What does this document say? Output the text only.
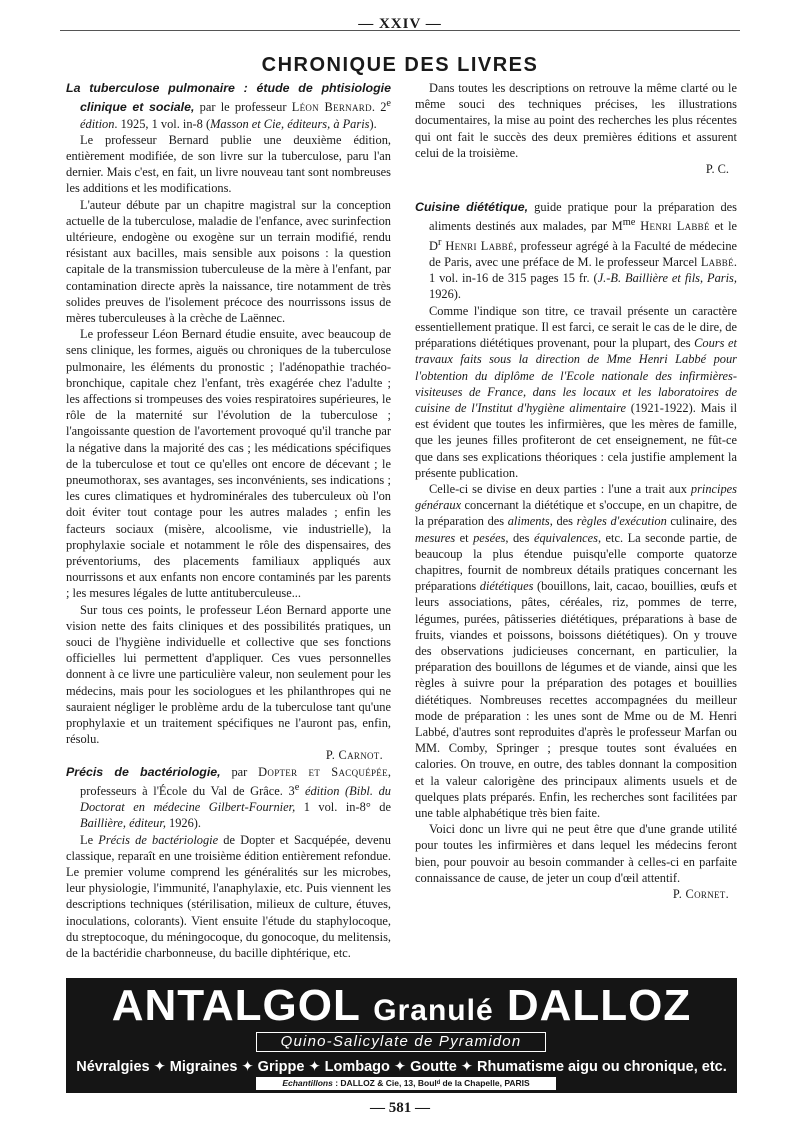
— XXIV —
CHRONIQUE DES LIVRES

La tuberculose pulmonaire : étude de phtisiologie clinique et sociale, par le professeur Léon Bernard. 2e édition. 1925, 1 vol. in-8 (Masson et Cie, éditeurs, à Paris).

Le professeur Bernard publie une deuxième édition, entièrement modifiée, de son livre sur la tuberculose, paru l'an dernier. Mais c'est, en fait, un livre nouveau tant sont nombreuses les additions et les modifications.

L'auteur débute par un chapitre magistral sur la conception actuelle de la tuberculose, maladie de l'enfance, avec surinfection ultérieure, endogène ou exogène sur un terrain modifié, rendu résistant aux bacilles, mais sensible aux poisons : la question capitale de la transmission tuberculeuse de la mère à l'enfant, par contamination directe après la naissance, tire notamment de très solides preuves de l'isolement précoce des nourrissons issus de mères tuberculeuses à la crèche de Laënnec.

Le professeur Léon Bernard étudie ensuite, avec beaucoup de sens clinique, les formes, aiguës ou chroniques de la tuberculose pulmonaire, les éléments du pronostic ; l'adénopathie trachéo-bronchique, capitale chez l'enfant, très exagérée chez l'adulte ; les affections si trompeuses des voies respiratoires supérieures, le rôle de la maternité sur l'évolution de la tuberculose ; l'angoissante question de l'avortement provoqué qu'il tranche par la négative dans la majorité des cas ; les médications spécifiques de la tuberculose et tout ce qu'elles ont encore de décevant ; le pneumothorax, ses avantages, ses inconvénients, ses indications ; les cures climatiques et hydrominérales des tuberculeux où l'on doit éviter tout contage pour les autres malades ; enfin les facteurs sociaux (misère, alcoolisme, vie industrielle), la prophylaxie sociale et notamment le rôle des dispensaires, des préventoriums, des placements familiaux appliqués aux nourrissons et aux enfants non encore contaminés par les parents ; les mesures légales de lutte antituberculeuse...

Sur tous ces points, le professeur Léon Bernard apporte une vision nette des faits cliniques et des possibilités pratiques, un souci de l'hygiène individuelle et collective que ses fonctions officielles lui permettent d'appliquer. Ces vues personnelles donnent à ce livre une particulière valeur, non seulement pour les médecins, mais pour les sociologues et les philanthropes qui ne sauraient négliger le problème ardu de la tuberculose tant qu'une prophylaxie et un traitement spécifiques ne l'auront pas, enfin, résolu.

P. Carnot.

Précis de bactériologie, par Dopter et Sacquépée, professeurs à l'École du Val de Grâce. 3e édition (Bibl. du Doctorat en médecine Gilbert-Fournier, 1 vol. in-8° de Baillière, éditeur, 1926).

Le Précis de bactériologie de Dopter et Sacquépée, devenu classique, reparaît en une troisième édition entièrement refondue. Le premier volume comprend les généralités sur les microbes, leur physiologie, l'immunité, l'anaphylaxie, etc. Puis viennent les descriptions techniques (stérilisation, milieux de culture, étuves, inoculations, colorants). Vient ensuite l'étude du staphylocoque, du streptocoque, du méningocoque, du gonocoque, du melitensis, de la bactéridie charbonneuse, du bacille diphtérique, etc.

Dans toutes les descriptions on retrouve la même clarté ou le même souci des techniques précises, les illustrations documentaires, la mise au point des recherches les plus récentes qui ont fait le succès des deux premières éditions et assurent celui de la troisième.

P. C.

Cuisine diététique, guide pratique pour la préparation des aliments destinés aux malades, par $M^{me}$ Henri Labbé et le $D^r$ Henri Labbé, professeur agrégé à la Faculté de médecine de Paris, avec une préface de M. le professeur Marcel Labbé. 1 vol. in-16 de 315 pages 15 fr. (J.-B. Baillière et fils, Paris, 1926).

Comme l'indique son titre, ce travail présente un caractère essentiellement pratique. Il est farci, ce serait le cas de le dire, de préparations diététiques provenant, pour la plupart, des Cours et travaux faits sous la direction de Mme Henri Labbé pour l'obtention du diplôme de l'Ecole nationale des infirmières-visiteuses de France, dans les locaux et les laboratoires de cuisine de l'Institut d'hygiène alimentaire (1921-1922). Mais il est évident que toutes les infirmières, que les mères de famille, que les jeunes filles profiteront de cet enseignement, ne fût-ce que dans ses explications théoriques : cela justifie amplement la présente publication.

Celle-ci se divise en deux parties : l'une a trait aux principes généraux concernant la diététique et s'occupe, en un chapitre, de la préparation des aliments, des règles d'exécution culinaire, des mesures et pesées, des équivalences, etc. La seconde partie, de beaucoup la plus étendue puisqu'elle comporte quatorze chapitres, fournit de nombreux détails pratiques concernant les préparations diététiques (bouillons, lait, cacao, bouillies, œufs et leurs associations, pâtes, céréales, riz, pommes de terre, légumes, purées, pâtisseries diététiques, préparations à base de fruits, viandes et poissons, boissons diététiques). On y trouve des observations judicieuses concernant, en particulier, la préparation des bouillons de légumes et de viande, ainsi que les règles à suivre pour la préparation des potages et bouillies diététiques. Nombreuses recettes accompagnées du meilleur mode de préparation : les unes sont de Mme ou de M. Henri Labbé, d'autres sont reproduites d'après le professeur Marfan ou MM. Comby, Springer ; presque toutes sont évaluées en calories. On trouve, en outre, des tables donnant la composition et la valeur calorigène des principaux aliments usuels et de quelques plats préparés. Enfin, les recherches sont facilitées par une table alphabétique très bien faite.

Voici donc un livre qui ne peut être que d'une grande utilité pour toutes les infirmières et dans lequel les médecins feront bien, pour pouvoir au besoin commander à celles-ci en parfaite connaissance de cause, de jeter un coup d'œil attentif.

P. Cornet.

ANTALGOL Granulé DALLOZ
Quino-Salicylate de Pyramidon
Névralgies ✦ Migraines ✦ Grippe ✦ Lombago ✦ Goutte ✦ Rhumatisme aigu ou chronique, etc.
Echantillons : DALLOZ & Cie, 13, Boulᵈ de la Chapelle, PARIS
— 581 —
